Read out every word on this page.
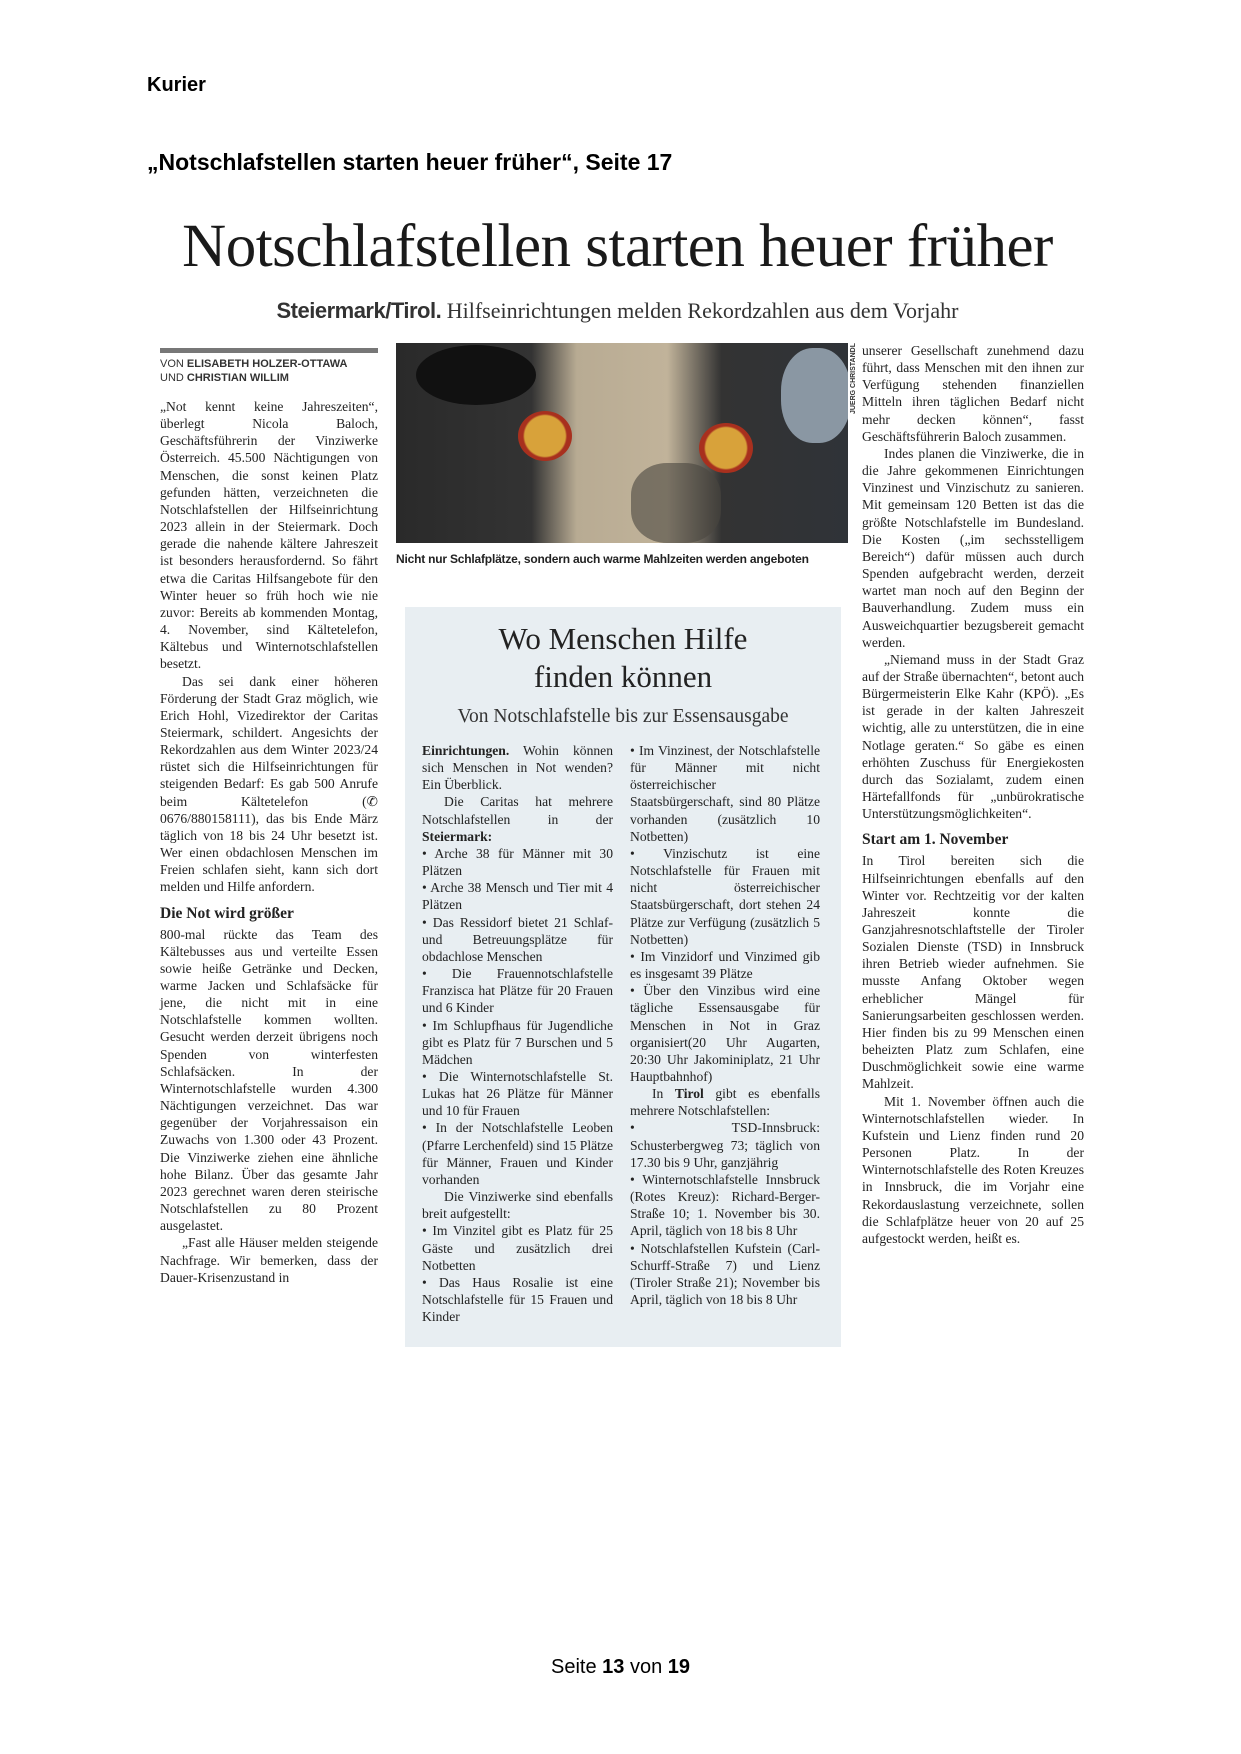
Kurier
„Notschlafstellen starten heuer früher“, Seite 17
Notschlafstellen starten heuer früher
Steiermark/Tirol. Hilfseinrichtungen melden Rekordzahlen aus dem Vorjahr
VON ELISABETH HOLZER-OTTAWA
UND CHRISTIAN WILLIM

„Not kennt keine Jahreszeiten“, überlegt Nicola Baloch, Geschäftsführerin der Vinziwerke Österreich. 45.500 Nächtigungen von Menschen, die sonst keinen Platz gefunden hätten, verzeichneten die Notschlafstellen der Hilfseinrichtung 2023 allein in der Steiermark. Doch gerade die nahende kältere Jahreszeit ist besonders herausfordernd. So fährt etwa die Caritas Hilfsangebote für den Winter heuer so früh hoch wie nie zuvor: Bereits ab kommenden Montag, 4. November, sind Kältetelefon, Kältebus und Winternotschlafstellen besetzt.

Das sei dank einer höheren Förderung der Stadt Graz möglich, wie Erich Hohl, Vizedirektor der Caritas Steiermark, schildert. Angesichts der Rekordzahlen aus dem Winter 2023/24 rüstet sich die Hilfseinrichtungen für steigenden Bedarf: Es gab 500 Anrufe beim Kältetelefon (✆ 0676/880158111), das bis Ende März täglich von 18 bis 24 Uhr besetzt ist. Wer einen obdachlosen Menschen im Freien schlafen sieht, kann sich dort melden und Hilfe anfordern.

Die Not wird größer

800-mal rückte das Team des Kältebusses aus und verteilte Essen sowie heiße Getränke und Decken, warme Jacken und Schlafsäcke für jene, die nicht mit in eine Notschlafstelle kommen wollten. Gesucht werden derzeit übrigens noch Spenden von winterfesten Schlafsäcken. In der Winternotschlafstelle wurden 4.300 Nächtigungen verzeichnet. Das war gegenüber der Vorjahressaison ein Zuwachs von 1.300 oder 43 Prozent. Die Vinziwerke ziehen eine ähnliche hohe Bilanz. Über das gesamte Jahr 2023 gerechnet waren deren steirische Notschlafstellen zu 80 Prozent ausgelastet.

„Fast alle Häuser melden steigende Nachfrage. Wir bemerken, dass der Dauer-Krisenzustand in

JUERG CHRISTANDL
Nicht nur Schlafplätze, sondern auch warme Mahlzeiten werden angeboten
Wo Menschen Hilfe
finden können
Von Notschlafstelle bis zur Essensausgabe

Einrichtungen. Wohin können sich Menschen in Not wenden? Ein Überblick.

Die Caritas hat mehrere Notschlafstellen in der Steiermark:

• Arche 38 für Männer mit 30 Plätzen

• Arche 38 Mensch und Tier mit 4 Plätzen

• Das Ressidorf bietet 21 Schlaf- und Betreuungsplätze für obdachlose Menschen

• Die Frauennotschlafstelle Franzisca hat Plätze für 20 Frauen und 6 Kinder

• Im Schlupfhaus für Jugendliche gibt es Platz für 7 Burschen und 5 Mädchen

• Die Winternotschlafstelle St. Lukas hat 26 Plätze für Männer und 10 für Frauen

• In der Notschlafstelle Leoben (Pfarre Lerchenfeld) sind 15 Plätze für Männer, Frauen und Kinder vorhanden

Die Vinziwerke sind ebenfalls breit aufgestellt:

• Im Vinzitel gibt es Platz für 25 Gäste und zusätzlich drei Notbetten

• Das Haus Rosalie ist eine Notschlafstelle für 15 Frauen und Kinder

• Im Vinzinest, der Notschlafstelle für Männer mit nicht österreichischer Staatsbürgerschaft, sind 80 Plätze vorhanden (zusätzlich 10 Notbetten)

• Vinzischutz ist eine Notschlafstelle für Frauen mit nicht österreichischer Staatsbürgerschaft, dort stehen 24 Plätze zur Verfügung (zusätzlich 5 Notbetten)

• Im Vinzidorf und Vinzimed gib es insgesamt 39 Plätze

• Über den Vinzibus wird eine tägliche Essensausgabe für Menschen in Not in Graz organisiert(20 Uhr Augarten, 20:30 Uhr Jakominiplatz, 21 Uhr Hauptbahnhof)

In Tirol gibt es ebenfalls mehrere Notschlafstellen:

• TSD-Innsbruck: Schusterbergweg 73; täglich von 17.30 bis 9 Uhr, ganzjährig

• Winternotschlafstelle Innsbruck (Rotes Kreuz): Richard-Berger-Straße 10; 1. November bis 30. April, täglich von 18 bis 8 Uhr

• Notschlafstellen Kufstein (Carl-Schurff-Straße 7) und Lienz (Tiroler Straße 21); November bis April, täglich von 18 bis 8 Uhr

unserer Gesellschaft zunehmend dazu führt, dass Menschen mit den ihnen zur Verfügung stehenden finanziellen Mitteln ihren täglichen Bedarf nicht mehr decken können“, fasst Geschäftsführerin Baloch zusammen.

Indes planen die Vinziwerke, die in die Jahre gekommenen Einrichtungen Vinzinest und Vinzischutz zu sanieren. Mit gemeinsam 120 Betten ist das die größte Notschlafstelle im Bundesland. Die Kosten („im sechsstelligem Bereich“) dafür müssen auch durch Spenden aufgebracht werden, derzeit wartet man noch auf den Beginn der Bauverhandlung. Zudem muss ein Ausweichquartier bezugsbereit gemacht werden.

„Niemand muss in der Stadt Graz auf der Straße übernachten“, betont auch Bürgermeisterin Elke Kahr (KPÖ). „Es ist gerade in der kalten Jahreszeit wichtig, alle zu unterstützen, die in eine Notlage geraten.“ So gäbe es einen erhöhten Zuschuss für Energiekosten durch das Sozialamt, zudem einen Härtefallfonds für „unbürokratische Unterstützungsmöglichkeiten“.

Start am 1. November

In Tirol bereiten sich die Hilfseinrichtungen ebenfalls auf den Winter vor. Rechtzeitig vor der kalten Jahreszeit konnte die Ganzjahresnotschlaftstelle der Tiroler Sozialen Dienste (TSD) in Innsbruck ihren Betrieb wieder aufnehmen. Sie musste Anfang Oktober wegen erheblicher Mängel für Sanierungsarbeiten geschlossen werden. Hier finden bis zu 99 Menschen einen beheizten Platz zum Schlafen, eine Duschmöglichkeit sowie eine warme Mahlzeit.

Mit 1. November öffnen auch die Winternotschlafstellen wieder. In Kufstein und Lienz finden rund 20 Personen Platz. In der Winternotschlafstelle des Roten Kreuzes in Innsbruck, die im Vorjahr eine Rekordauslastung verzeichnete, sollen die Schlafplätze heuer von 20 auf 25 aufgestockt werden, heißt es.

Seite 13 von 19
